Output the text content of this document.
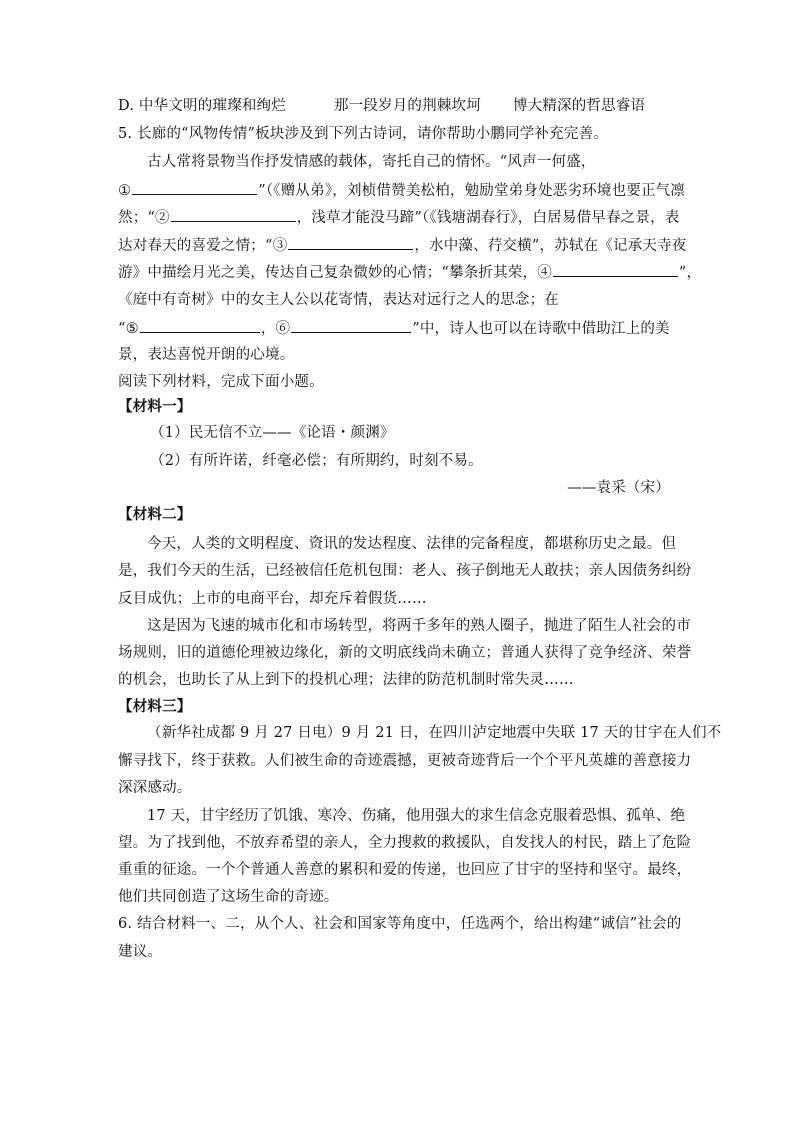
D. 中华文明的璀璨和绚烂	那一段岁月的荆棘坎坷 博大精深的哲思睿语
5. 长廊的“风物传情”板块涉及到下列古诗词，请你帮助小鹏同学补充完善。
古人常将景物当作抒发情感的载体，寄托自己的情怀。“风声一何盛，
①	”（《赠从弟》，刘桢借赞美松柏，勉励堂弟身处恶劣环境也要正气凛
然；“②	，浅草才能没马蹄”（《钱塘湖春行》，白居易借早春之景，表
达对春天的喜爱之情；“③	，水中藻、荇交横”，苏轼在《记承天寺夜
游》中描绘月光之美，传达自己复杂微妙的心情；“攀条折其荣，④	”，
《庭中有奇树》中的女主人公以花寄情，表达对远行之人的思念；在
“⑤	，⑥	”中，诗人也可以在诗歌中借助江上的美
景，表达喜悦开朗的心境。
阅读下列材料，完成下面小题。
【材料一】
（1）民无信不立——《论语・颜渊》
（2）有所许诺，纤毫必偿；有所期约，时刻不易。
——袁采（宋）
【材料二】
今天，人类的文明程度、资讯的发达程度、法律的完备程度，都堪称历史之最。但
是，我们今天的生活，已经被信任危机包围：老人、孩子倒地无人敢扶；亲人因债务纠纷
反目成仇；上市的电商平台，却充斥着假货……
这是因为飞速的城市化和市场转型，将两千多年的熟人圈子，抛进了陌生人社会的市
场规则，旧的道德伦理被边缘化，新的文明底线尚未确立；普通人获得了竞争经济、荣誉
的机会，也助长了从上到下的投机心理；法律的防范机制时常失灵……
【材料三】
（新华社成都 9 月 27 日电）9 月 21 日，在四川泸定地震中失联 17 天的甘宇在人们不
懈寻找下，终于获救。人们被生命的奇迹震撼，更被奇迹背后一个个平凡英雄的善意接力
深深感动。
17 天，甘宇经历了饥饿、寒冷、伤痛，他用强大的求生信念克服着恐惧、孤单、绝
望。为了找到他，不放弃希望的亲人，全力搜救的救援队，自发找人的村民，踏上了危险
重重的征途。一个个普通人善意的累积和爱的传递，也回应了甘宇的坚持和坚守。最终，
他们共同创造了这场生命的奇迹。
6. 结合材料一、二，从个人、社会和国家等角度中，任选两个，给出构建“诚信”社会的
建议。
